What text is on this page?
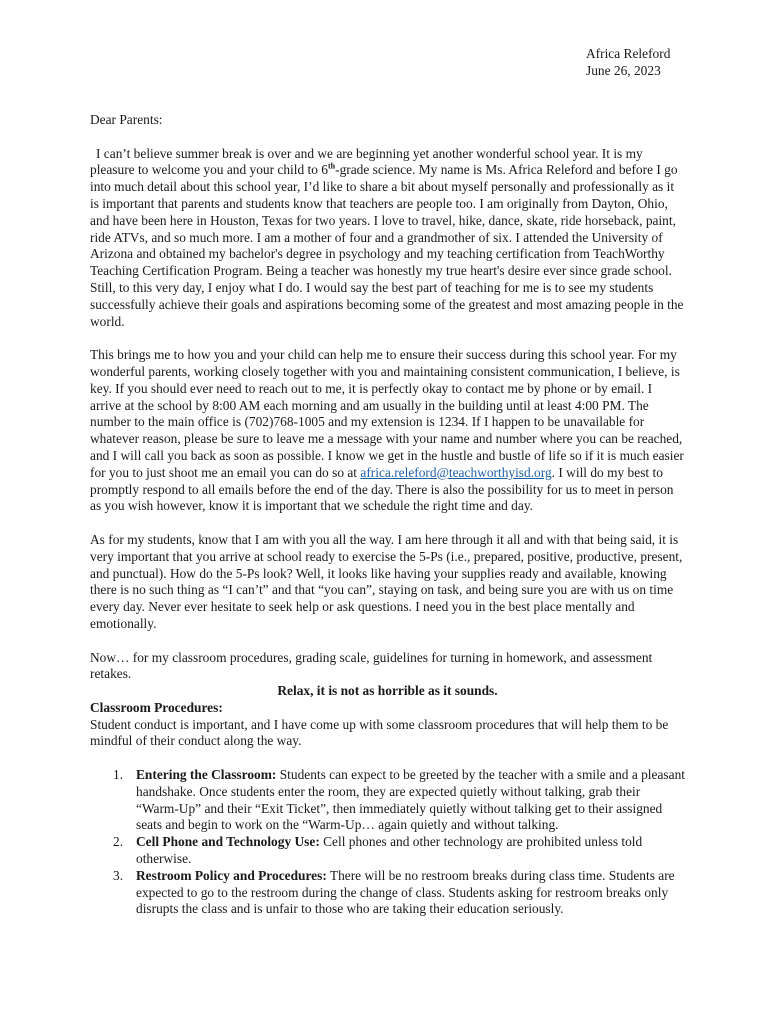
Africa Releford
June 26, 2023

Dear Parents:

I can’t believe summer break is over and we are beginning yet another wonderful school year. It is my pleasure to welcome you and your child to 6th-grade science. My name is Ms. Africa Releford and before I go into much detail about this school year, I’d like to share a bit about myself personally and professionally as it is important that parents and students know that teachers are people too. I am originally from Dayton, Ohio, and have been here in Houston, Texas for two years. I love to travel, hike, dance, skate, ride horseback, paint, ride ATVs, and so much more. I am a mother of four and a grandmother of six. I attended the University of Arizona and obtained my bachelor's degree in psychology and my teaching certification from TeachWorthy Teaching Certification Program. Being a teacher was honestly my true heart's desire ever since grade school. Still, to this very day, I enjoy what I do. I would say the best part of teaching for me is to see my students successfully achieve their goals and aspirations becoming some of the greatest and most amazing people in the world.

This brings me to how you and your child can help me to ensure their success during this school year. For my wonderful parents, working closely together with you and maintaining consistent communication, I believe, is key. If you should ever need to reach out to me, it is perfectly okay to contact me by phone or by email. I arrive at the school by 8:00 AM each morning and am usually in the building until at least 4:00 PM. The number to the main office is (702)768-1005 and my extension is 1234. If I happen to be unavailable for whatever reason, please be sure to leave me a message with your name and number where you can be reached, and I will call you back as soon as possible. I know we get in the hustle and bustle of life so if it is much easier for you to just shoot me an email you can do so at africa.releford@teachworthyisd.org. I will do my best to promptly respond to all emails before the end of the day. There is also the possibility for us to meet in person as you wish however, know it is important that we schedule the right time and day.

As for my students, know that I am with you all the way. I am here through it all and with that being said, it is very important that you arrive at school ready to exercise the 5-Ps (i.e., prepared, positive, productive, present, and punctual). How do the 5-Ps look? Well, it looks like having your supplies ready and available, knowing there is no such thing as “I can’t” and that “you can”, staying on task, and being sure you are with us on time every day. Never ever hesitate to seek help or ask questions. I need you in the best place mentally and emotionally.

Now… for my classroom procedures, grading scale, guidelines for turning in homework, and assessment retakes.

Relax, it is not as horrible as it sounds.

Classroom Procedures:

Student conduct is important, and I have come up with some classroom procedures that will help them to be mindful of their conduct along the way.

1. Entering the Classroom: Students can expect to be greeted by the teacher with a smile and a pleasant handshake. Once students enter the room, they are expected quietly without talking, grab their “Warm-Up” and their “Exit Ticket”, then immediately quietly without talking get to their assigned seats and begin to work on the “Warm-Up… again quietly and without talking.
2. Cell Phone and Technology Use: Cell phones and other technology are prohibited unless told otherwise.
3. Restroom Policy and Procedures: There will be no restroom breaks during class time. Students are expected to go to the restroom during the change of class. Students asking for restroom breaks only disrupts the class and is unfair to those who are taking their education seriously.
